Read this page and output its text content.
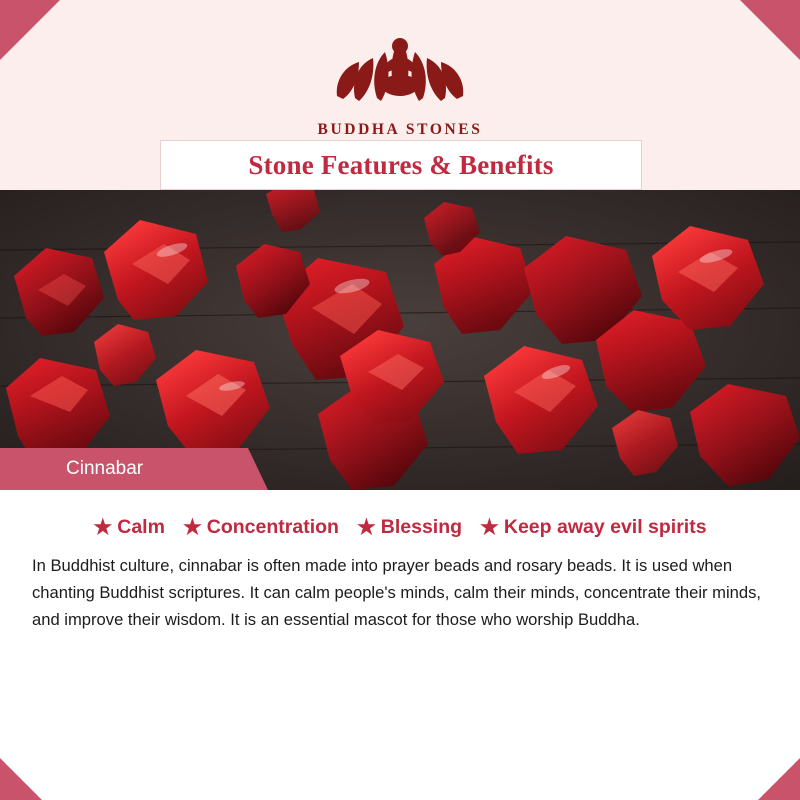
BUDDHA STONES
Stone Features & Benefits
Cinnabar
★ Calm ★ Concentration ★ Blessing ★ Keep away evil spirits

In Buddhist culture, cinnabar is often made into prayer beads and rosary beads. It is used when chanting Buddhist scriptures. It can calm people's minds, calm their minds, concentrate their minds, and improve their wisdom. It is an essential mascot for those who worship Buddha.
